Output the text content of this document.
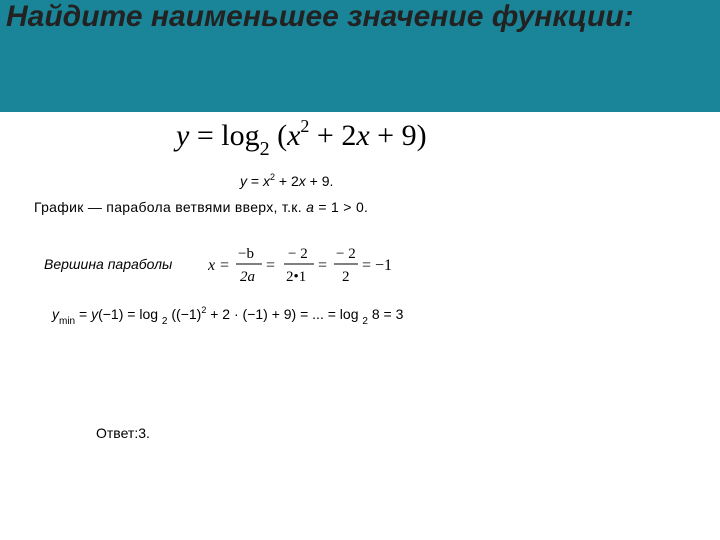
Найдите наименьшее значение функции:
$y = \log_2 (x^2 + 2x + 9)$
$y = x^2 + 2x + 9$.
График — парабола ветвями вверх, т.к. a = 1 > 0.
Вершина параболы x =
−b
2a
=
− 2
2•1
=
− 2
2
= −1
$y_{min} = y(-1) = \log _2$ $((-1)^2 + 2 \cdot (-1) + 9)$ = ... = log $_2$ 8 = 3
Ответ:3.
